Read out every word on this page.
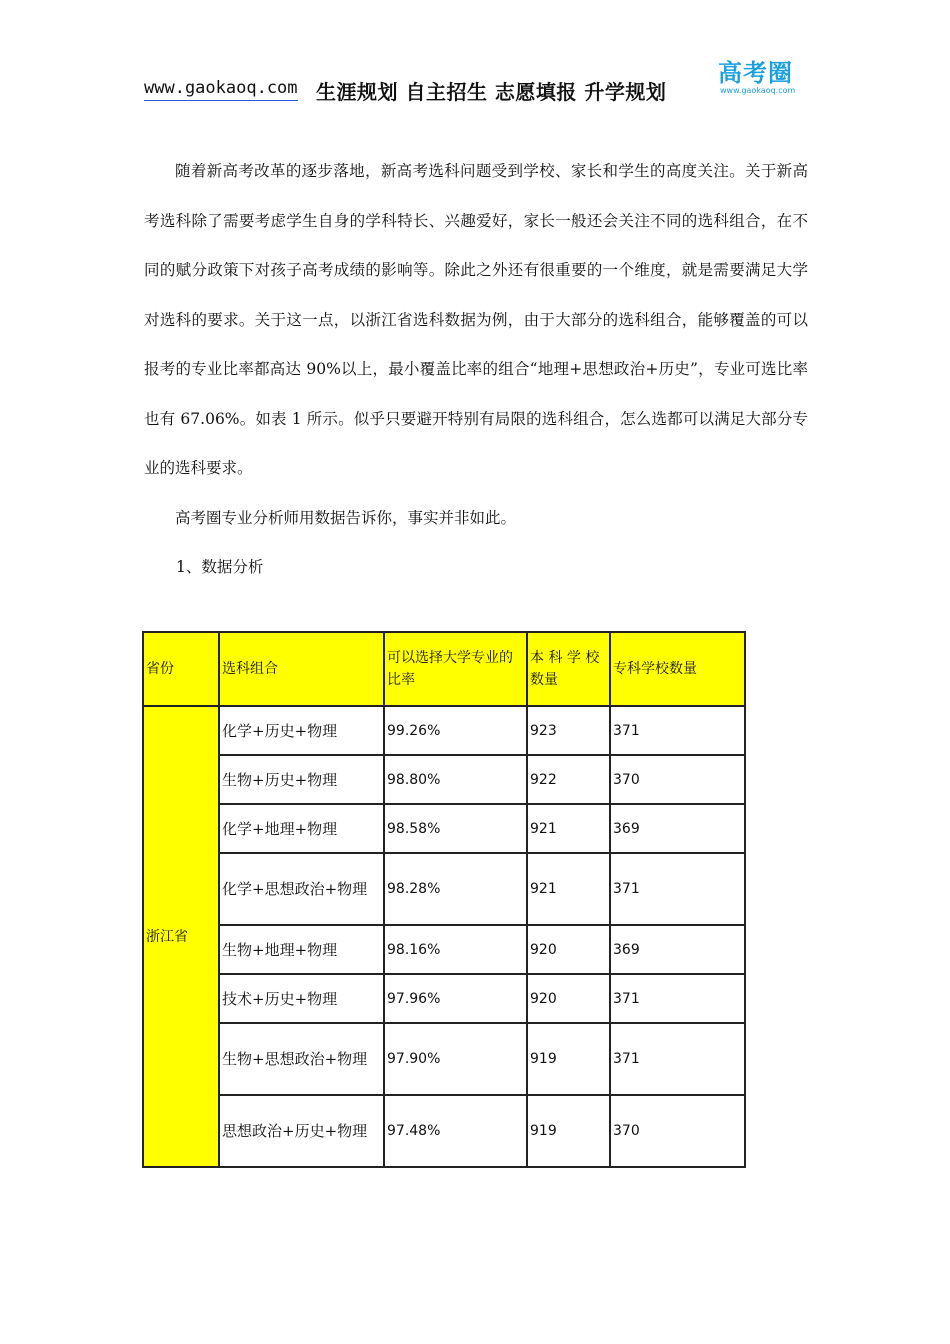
www.gaokaoq.com 生涯规划 自主招生 志愿填报 升学规划
高考圈
www.gaokaoq.com

随着新高考改革的逐步落地，新高考选科问题受到学校、家长和学生的高度关注。关于新高考选科除了需要考虑学生自身的学科特长、兴趣爱好，家长一般还会关注不同的选科组合，在不同的赋分政策下对孩子高考成绩的影响等。除此之外还有很重要的一个维度，就是需要满足大学对选科的要求。关于这一点，以浙江省选科数据为例，由于大部分的选科组合，能够覆盖的可以报考的专业比率都高达 90%以上，最小覆盖比率的组合“地理+思想政治+历史”，专业可选比率也有 67.06%。如表 1 所示。似乎只要避开特别有局限的选科组合，怎么选都可以满足大部分专业的选科要求。

高考圈专业分析师用数据告诉你，事实并非如此。

1、数据分析

省份	选科组合	可以选择大学专业的比率	本 科 学 校数量	专科学校数量
浙江省	化学+历史+物理	99.26%	923	371
	生物+历史+物理	98.80%	922	370
	化学+地理+物理	98.58%	921	369
	化学+思想政治+物理	98.28%	921	371
	生物+地理+物理	98.16%	920	369
	技术+历史+物理	97.96%	920	371
	生物+思想政治+物理	97.90%	919	371
	思想政治+历史+物理	97.48%	919	370
